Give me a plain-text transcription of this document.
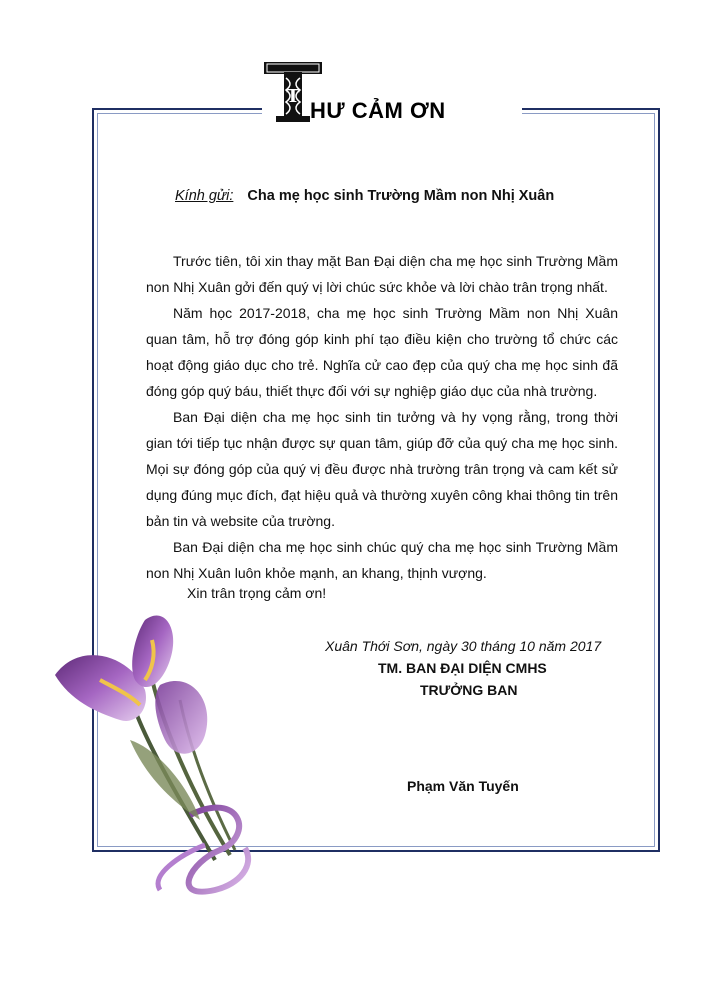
T
HƯ CẢM ƠN
Kính gửi: Cha mẹ học sinh Trường Mầm non Nhị Xuân

Trước tiên, tôi xin thay mặt Ban Đại diện cha mẹ học sinh Trường Mầm non Nhị Xuân gởi đến quý vị lời chúc sức khỏe và lời chào trân trọng nhất.

Năm học 2017-2018, cha mẹ học sinh Trường Mầm non Nhị Xuân quan tâm, hỗ trợ đóng góp kinh phí tạo điều kiện cho trường tổ chức các hoạt động giáo dục cho trẻ. Nghĩa cử cao đẹp của quý cha mẹ học sinh đã đóng góp quý báu, thiết thực đối với sự nghiệp giáo dục của nhà trường.

Ban Đại diện cha mẹ học sinh tin tưởng và hy vọng rằng, trong thời gian tới tiếp tục nhận được sự quan tâm, giúp đỡ của quý cha mẹ học sinh. Mọi sự đóng góp của quý vị đều được nhà trường trân trọng và cam kết sử dụng đúng mục đích, đạt hiệu quả và thường xuyên công khai thông tin trên bản tin và website của trường.

Ban Đại diện cha mẹ học sinh chúc quý cha mẹ học sinh Trường Mầm non Nhị Xuân luôn khỏe mạnh, an khang, thịnh vượng.

Xin trân trọng cảm ơn!
Xuân Thới Sơn, ngày 30 tháng 10 năm 2017
TM. BAN ĐẠI DIỆN CMHS
TRƯỞNG BAN
Phạm Văn Tuyến
